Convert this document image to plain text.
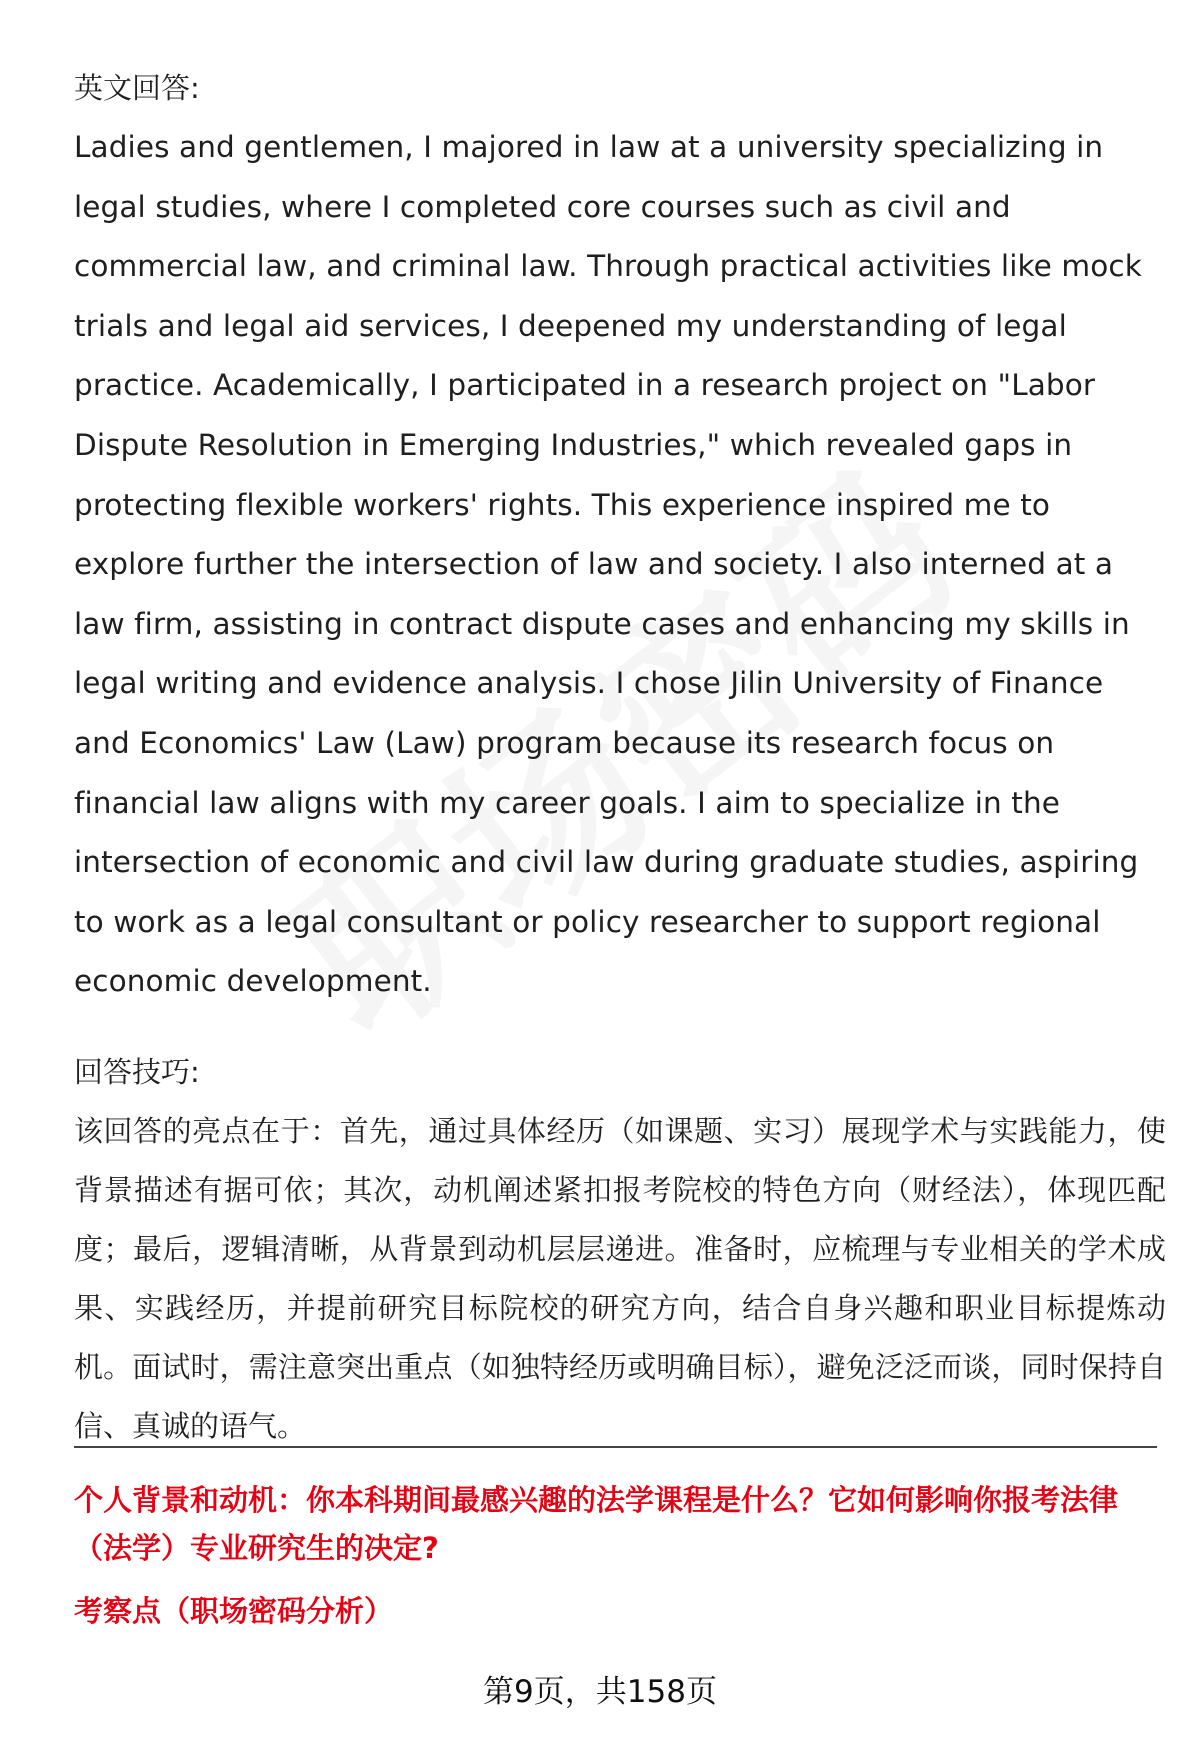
英文回答:

Ladies and gentlemen, I majored in law at a university specializing in legal studies, where I completed core courses such as civil and commercial law, and criminal law. Through practical activities like mock trials and legal aid services, I deepened my understanding of legal practice. Academically, I participated in a research project on "Labor Dispute Resolution in Emerging Industries," which revealed gaps in protecting flexible workers' rights. This experience inspired me to explore further the intersection of law and society. I also interned at a law firm, assisting in contract dispute cases and enhancing my skills in legal writing and evidence analysis. I chose Jilin University of Finance and Economics' Law (Law) program because its research focus on financial law aligns with my career goals. I aim to specialize in the intersection of economic and civil law during graduate studies, aspiring to work as a legal consultant or policy researcher to support regional economic development.

回答技巧:

该回答的亮点在于：首先，通过具体经历（如课题、实习）展现学术与实践能力，使背景描述有据可依；其次，动机阐述紧扣报考院校的特色方向（财经法），体现匹配度；最后，逻辑清晰，从背景到动机层层递进。准备时，应梳理与专业相关的学术成果、实践经历，并提前研究目标院校的研究方向，结合自身兴趣和职业目标提炼动机。面试时，需注意突出重点（如独特经历或明确目标），避免泛泛而谈，同时保持自信、真诚的语气。

个人背景和动机：你本科期间最感兴趣的法学课程是什么？它如何影响你报考法律（法学）专业研究生的决定?

考察点（职场密码分析）

第9页，共158页
